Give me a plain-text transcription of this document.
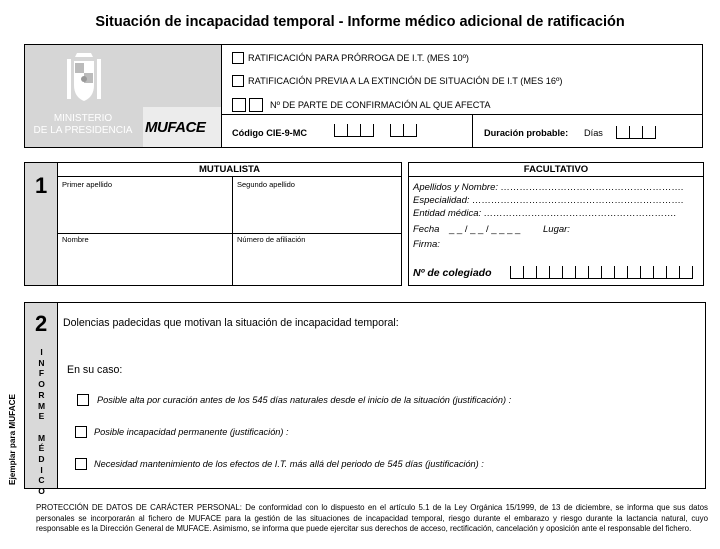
Situación de incapacidad temporal - Informe médico adicional de ratificación
MINISTERIO
DE LA PRESIDENCIA MUFACE
RATIFICACIÓN PARA PRÓRROGA DE I.T. (MES 10º)
RATIFICACIÓN PREVIA A LA EXTINCIÓN DE SITUACIÓN DE I.T (MES 16º)
Nº DE PARTE DE CONFIRMACIÓN AL QUE AFECTA
Código CIE-9-MC
	Duración probable: Días
1
MUTUALISTA
Primer apellido	Segundo apellido
Nombre	Número de afiliación
FACULTATIVO
Apellidos y Nombre: ………………………………………………….
Especialidad: ………………………………………………………….
Entidad médica: …………………………………………………….
Fecha _ _ / _ _ / _ _ _ _ Lugar:
Firma:
Nº de colegiado
2
I
N
F
O
R
M
E
M
É
D
I
C
O
Dolencias padecidas que motivan la situación de incapacidad temporal:
En su caso:
Posible alta por curación antes de los 545 días naturales desde el inicio de la situación (justificación) :
Posible incapacidad permanente (justificación) :
Necesidad mantenimiento de los efectos de I.T. más allá del periodo de 545 días (justificación) :
Ejemplar para MUFACE
PROTECCIÓN DE DATOS DE CARÁCTER PERSONAL: De conformidad con lo dispuesto en el artículo 5.1 de la Ley Orgánica 15/1999, de 13 de diciembre, se informa que sus datos personales se incorporarán al fichero de MUFACE para la gestión de las situaciones de incapacidad temporal, riesgo durante el embarazo y riesgo durante la lactancia natural, cuyo responsable es la Dirección General de MUFACE. Asimismo, se informa que puede ejercitar sus derechos de acceso, rectificación, cancelación y oposición ante el responsable del fichero.
